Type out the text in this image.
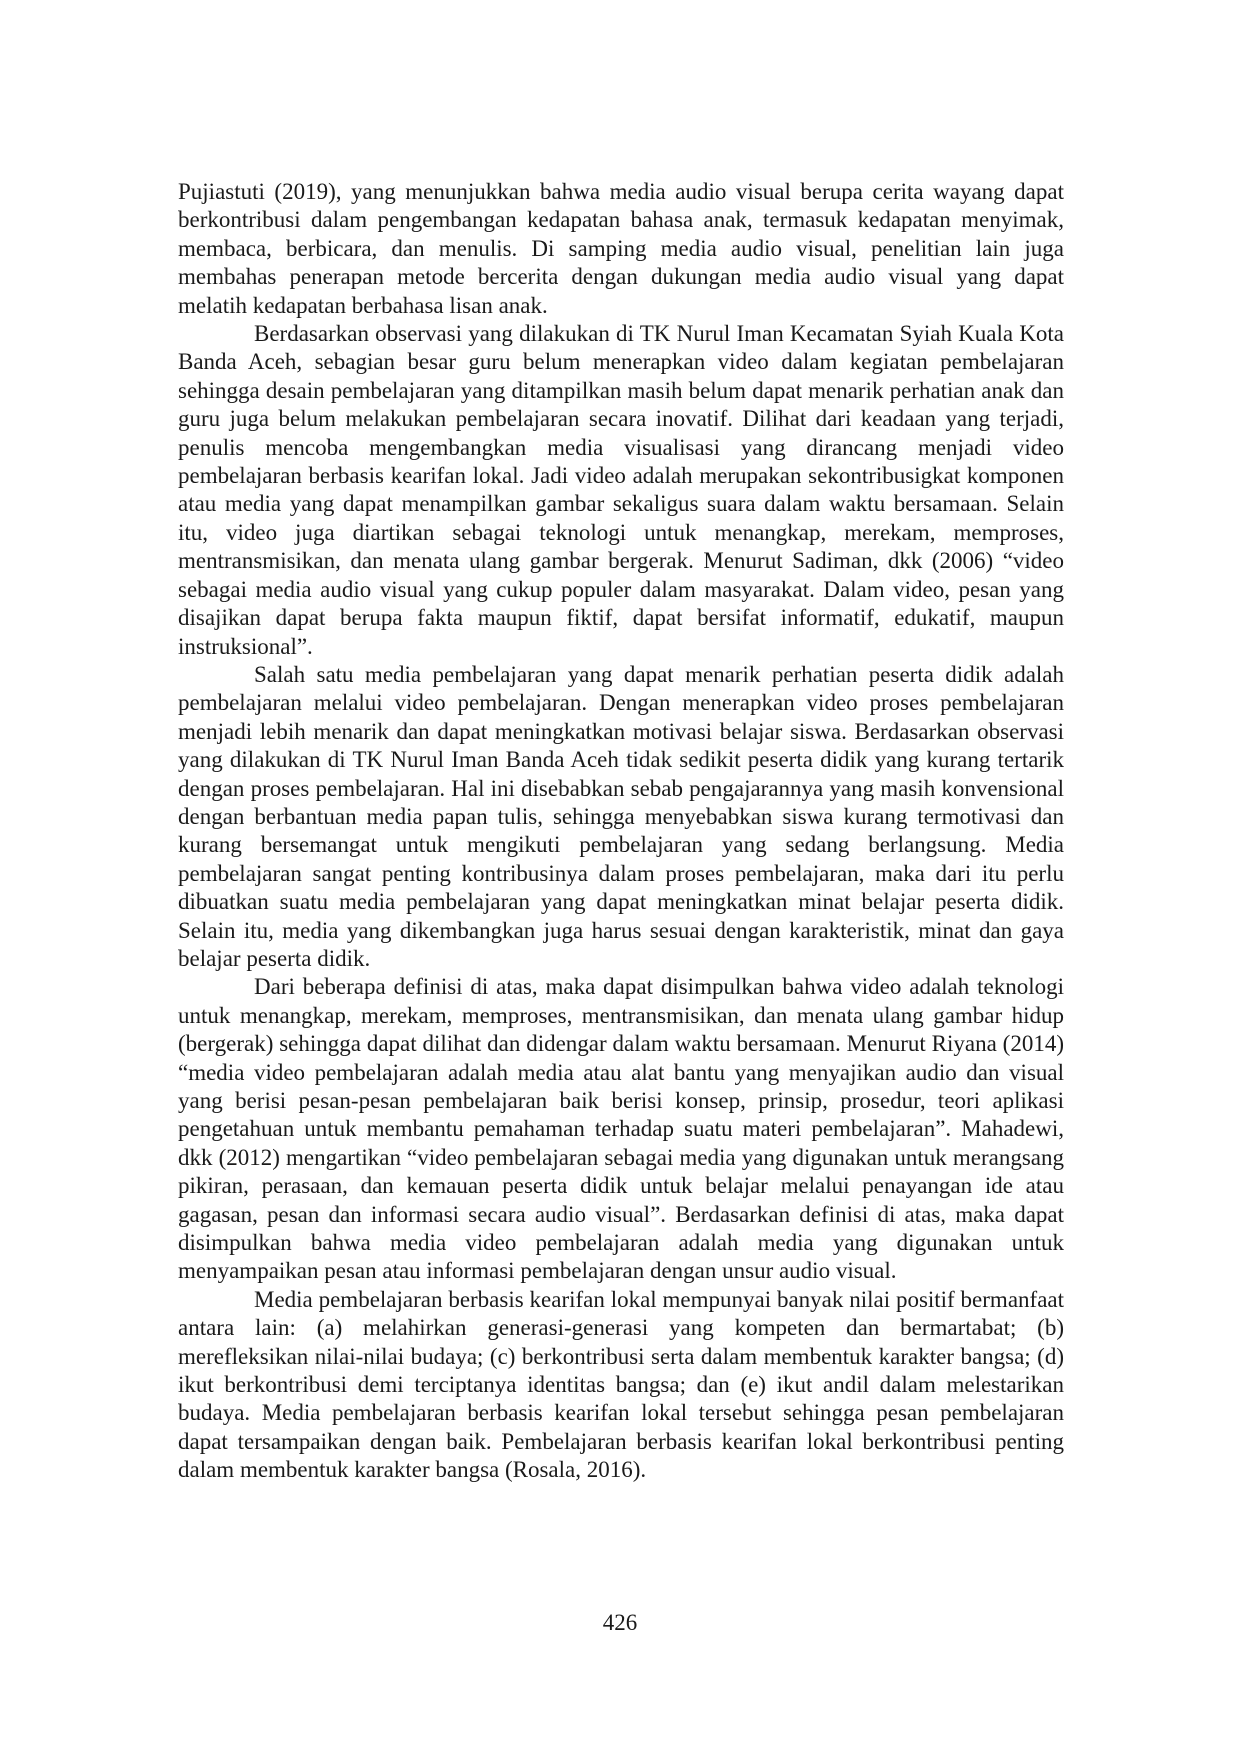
Pujiastuti (2019), yang menunjukkan bahwa media audio visual berupa cerita wayang dapat berkontribusi dalam pengembangan kedapatan bahasa anak, termasuk kedapatan menyimak, membaca, berbicara, dan menulis. Di samping media audio visual, penelitian lain juga membahas penerapan metode bercerita dengan dukungan media audio visual yang dapat melatih kedapatan berbahasa lisan anak.

Berdasarkan observasi yang dilakukan di TK Nurul Iman Kecamatan Syiah Kuala Kota Banda Aceh, sebagian besar guru belum menerapkan video dalam kegiatan pembelajaran sehingga desain pembelajaran yang ditampilkan masih belum dapat menarik perhatian anak dan guru juga belum melakukan pembelajaran secara inovatif. Dilihat dari keadaan yang terjadi, penulis mencoba mengembangkan media visualisasi yang dirancang menjadi video pembelajaran berbasis kearifan lokal. Jadi video adalah merupakan sekontribusigkat komponen atau media yang dapat menampilkan gambar sekaligus suara dalam waktu bersamaan. Selain itu, video juga diartikan sebagai teknologi untuk menangkap, merekam, memproses, mentransmisikan, dan menata ulang gambar bergerak. Menurut Sadiman, dkk (2006) “video sebagai media audio visual yang cukup populer dalam masyarakat. Dalam video, pesan yang disajikan dapat berupa fakta maupun fiktif, dapat bersifat informatif, edukatif, maupun instruksional”.

Salah satu media pembelajaran yang dapat menarik perhatian peserta didik adalah pembelajaran melalui video pembelajaran. Dengan menerapkan video proses pembelajaran menjadi lebih menarik dan dapat meningkatkan motivasi belajar siswa. Berdasarkan observasi yang dilakukan di TK Nurul Iman Banda Aceh tidak sedikit peserta didik yang kurang tertarik dengan proses pembelajaran. Hal ini disebabkan sebab pengajarannya yang masih konvensional dengan berbantuan media papan tulis, sehingga menyebabkan siswa kurang termotivasi dan kurang bersemangat untuk mengikuti pembelajaran yang sedang berlangsung. Media pembelajaran sangat penting kontribusinya dalam proses pembelajaran, maka dari itu perlu dibuatkan suatu media pembelajaran yang dapat meningkatkan minat belajar peserta didik. Selain itu, media yang dikembangkan juga harus sesuai dengan karakteristik, minat dan gaya belajar peserta didik.

Dari beberapa definisi di atas, maka dapat disimpulkan bahwa video adalah teknologi untuk menangkap, merekam, memproses, mentransmisikan, dan menata ulang gambar hidup (bergerak) sehingga dapat dilihat dan didengar dalam waktu bersamaan. Menurut Riyana (2014) “media video pembelajaran adalah media atau alat bantu yang menyajikan audio dan visual yang berisi pesan-pesan pembelajaran baik berisi konsep, prinsip, prosedur, teori aplikasi pengetahuan untuk membantu pemahaman terhadap suatu materi pembelajaran”. Mahadewi, dkk (2012) mengartikan “video pembelajaran sebagai media yang digunakan untuk merangsang pikiran, perasaan, dan kemauan peserta didik untuk belajar melalui penayangan ide atau gagasan, pesan dan informasi secara audio visual”. Berdasarkan definisi di atas, maka dapat disimpulkan bahwa media video pembelajaran adalah media yang digunakan untuk menyampaikan pesan atau informasi pembelajaran dengan unsur audio visual.

Media pembelajaran berbasis kearifan lokal mempunyai banyak nilai positif bermanfaat antara lain: (a) melahirkan generasi-generasi yang kompeten dan bermartabat; (b) merefleksikan nilai-nilai budaya; (c) berkontribusi serta dalam membentuk karakter bangsa; (d) ikut berkontribusi demi terciptanya identitas bangsa; dan (e) ikut andil dalam melestarikan budaya. Media pembelajaran berbasis kearifan lokal tersebut sehingga pesan pembelajaran dapat tersampaikan dengan baik. Pembelajaran berbasis kearifan lokal berkontribusi penting dalam membentuk karakter bangsa (Rosala, 2016).

426
